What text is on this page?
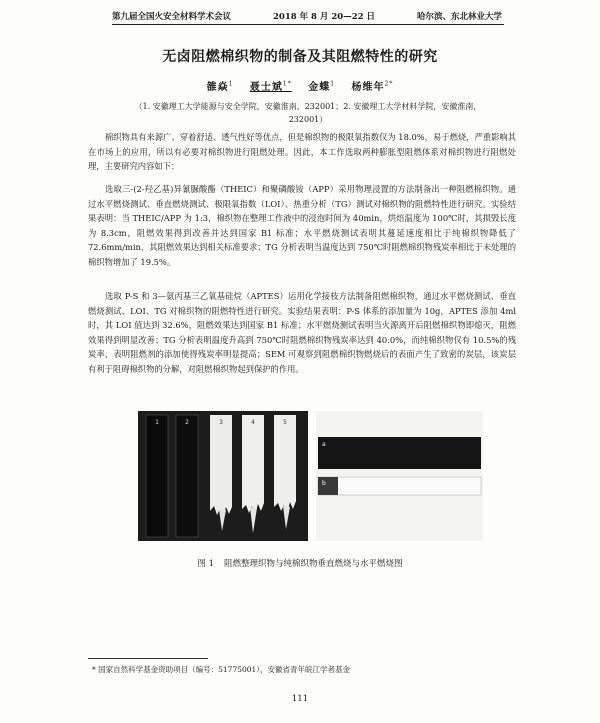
第九届全国火安全材料学术会议	2018 年 8 月 20—22 日	哈尔滨、东北林业大学
无卤阻燃棉织物的制备及其阻燃特性的研究
雒焱$^1$ 聂士斌$^{1*}$ 金蝶$^1$ 杨维年$^{2*}$
（1. 安徽理工大学能源与安全学院，安徽淮南，232001；2. 安徽理工大学材料学院，安徽淮南，232001）

棉织物具有来源广、穿着舒适、透气性好等优点，但是棉织物的极限氧指数仅为 18.0%，易于燃烧，严重影响其在市场上的应用，所以有必要对棉织物进行阻燃处理。因此，本工作选取两种膨胀型阻燃体系对棉织物进行阻燃处理，主要研究内容如下：

选取三-(2-羟乙基)异氰脲酸酯（THEIC）和聚磷酸铵（APP）采用物理浸置的方法制备出一种阻燃棉织物。通过水平燃烧测试、垂直燃烧测试、极限氧指数（LOI）、热重分析（TG）测试对棉织物的阻燃特性进行研究。实验结果表明：当 THEIC/APP 为 1:3，棉织物在整理工作液中的浸泡时间为 40min，烘焙温度为 100℃时，其损毁长度为 8.3cm，阻燃效果得到改善并达到国家 B1 标准；水平燃烧测试表明其蔓延速度相比于纯棉织物降低了 72.6mm/min，其阻燃效果达到相关标准要求；TG 分析表明当温度达到 750℃时阻燃棉织物残炭率相比于未处理的棉织物增加了 19.5%。

选取 P-S 和 3—氨丙基三乙氧基硅烷（APTES）运用化学接枝方法制备阻燃棉织物，通过水平燃烧测试、垂直燃烧测试、LOI、TG 对棉织物的阻燃特性进行研究。实验结果表明：P-S 体系的添加量为 10g，APTES 添加 4ml 时，其 LOI 值达到 32.6%，阻燃效果达到国家 B1 标准；水平燃烧测试表明当火源离开后阻燃棉织物即熄灭，阻燃效果得到明显改善；TG 分析表明温度升高到 750℃时阻燃棉织物残炭率达到 40.0%，而纯棉织物仅有 10.5%的残炭率，表明阻燃剂的添加使得残炭率明显提高；SEM 可观察到阻燃棉织物燃烧后的表面产生了致密的炭层，该炭层有利于阻碍棉织物的分解，对阻燃棉织物起到保护的作用。

1	2	3	4	5
a
b
图 1 阻燃整理织物与纯棉织物垂直燃烧与水平燃烧图
* 国家自然科学基金资助项目（编号：51775001），安徽省青年皖江学者基金
111
